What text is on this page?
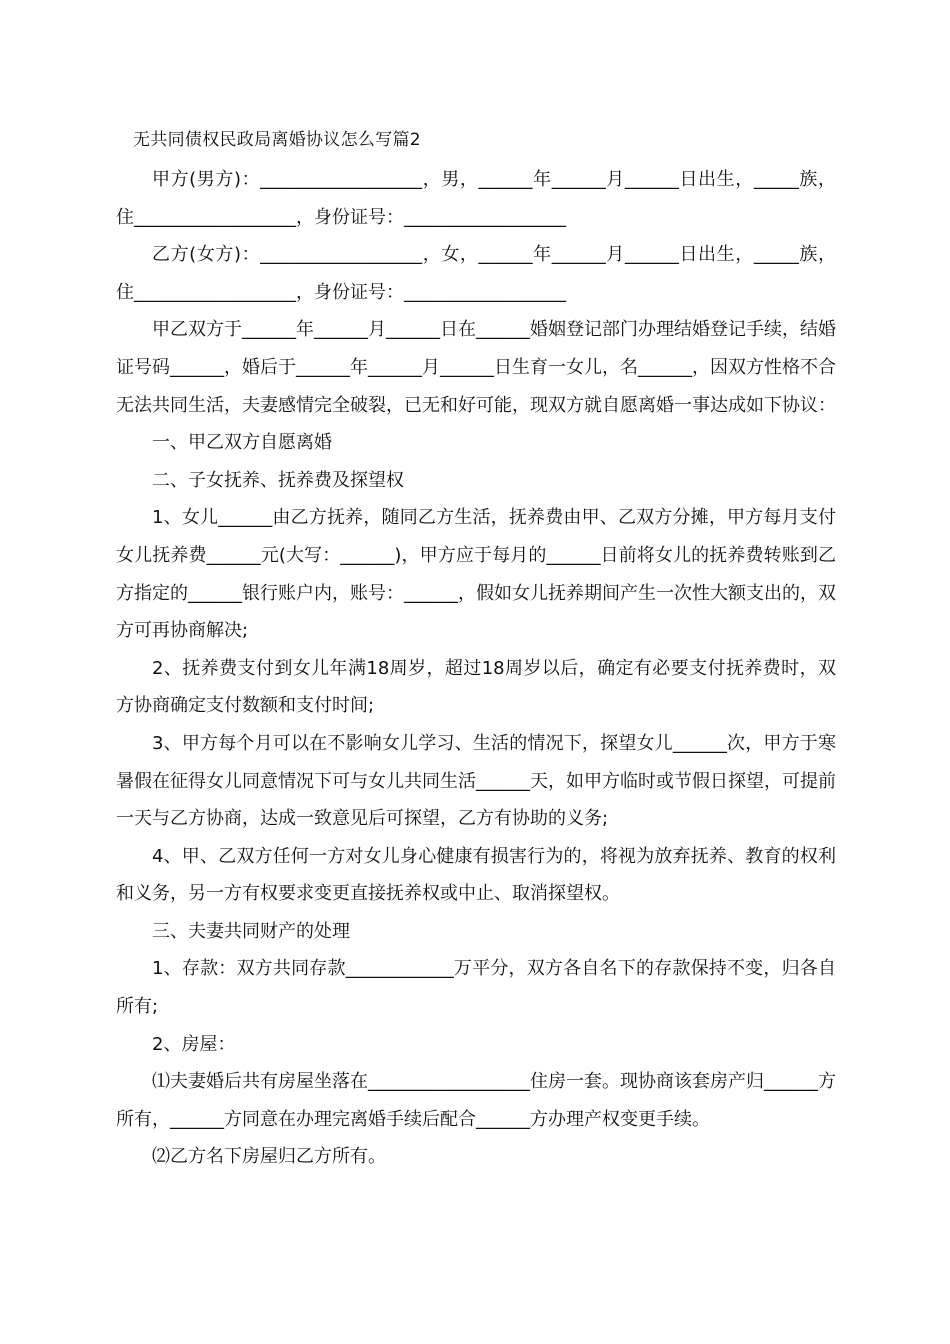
无共同债权民政局离婚协议怎么写篇2

甲方(男方)：__________________，男，______年______月______日出生，_____族，住__________________，身份证号：__________________

乙方(女方)：__________________，女，______年______月______日出生，_____族，住__________________，身份证号：__________________

甲乙双方于______年______月______日在______婚姻登记部门办理结婚登记手续，结婚证号码______，婚后于______年______月______日生育一女儿，名______，因双方性格不合无法共同生活，夫妻感情完全破裂，已无和好可能，现双方就自愿离婚一事达成如下协议：

一、甲乙双方自愿离婚

二、子女抚养、抚养费及探望权

1、女儿______由乙方抚养，随同乙方生活，抚养费由甲、乙双方分摊，甲方每月支付女儿抚养费______元(大写：______)，甲方应于每月的______日前将女儿的抚养费转账到乙方指定的______银行账户内，账号：______，假如女儿抚养期间产生一次性大额支出的，双方可再协商解决;

2、抚养费支付到女儿年满18周岁，超过18周岁以后，确定有必要支付抚养费时，双方协商确定支付数额和支付时间;

3、甲方每个月可以在不影响女儿学习、生活的情况下，探望女儿______次，甲方于寒暑假在征得女儿同意情况下可与女儿共同生活______天，如甲方临时或节假日探望，可提前一天与乙方协商，达成一致意见后可探望，乙方有协助的义务;

4、甲、乙双方任何一方对女儿身心健康有损害行为的，将视为放弃抚养、教育的权利和义务，另一方有权要求变更直接抚养权或中止、取消探望权。

三、夫妻共同财产的处理

1、存款：双方共同存款____________万平分，双方各自名下的存款保持不变，归各自所有;

2、房屋：

⑴夫妻婚后共有房屋坐落在__________________住房一套。现协商该套房产归______方所有，______方同意在办理完离婚手续后配合______方办理产权变更手续。

⑵乙方名下房屋归乙方所有。
